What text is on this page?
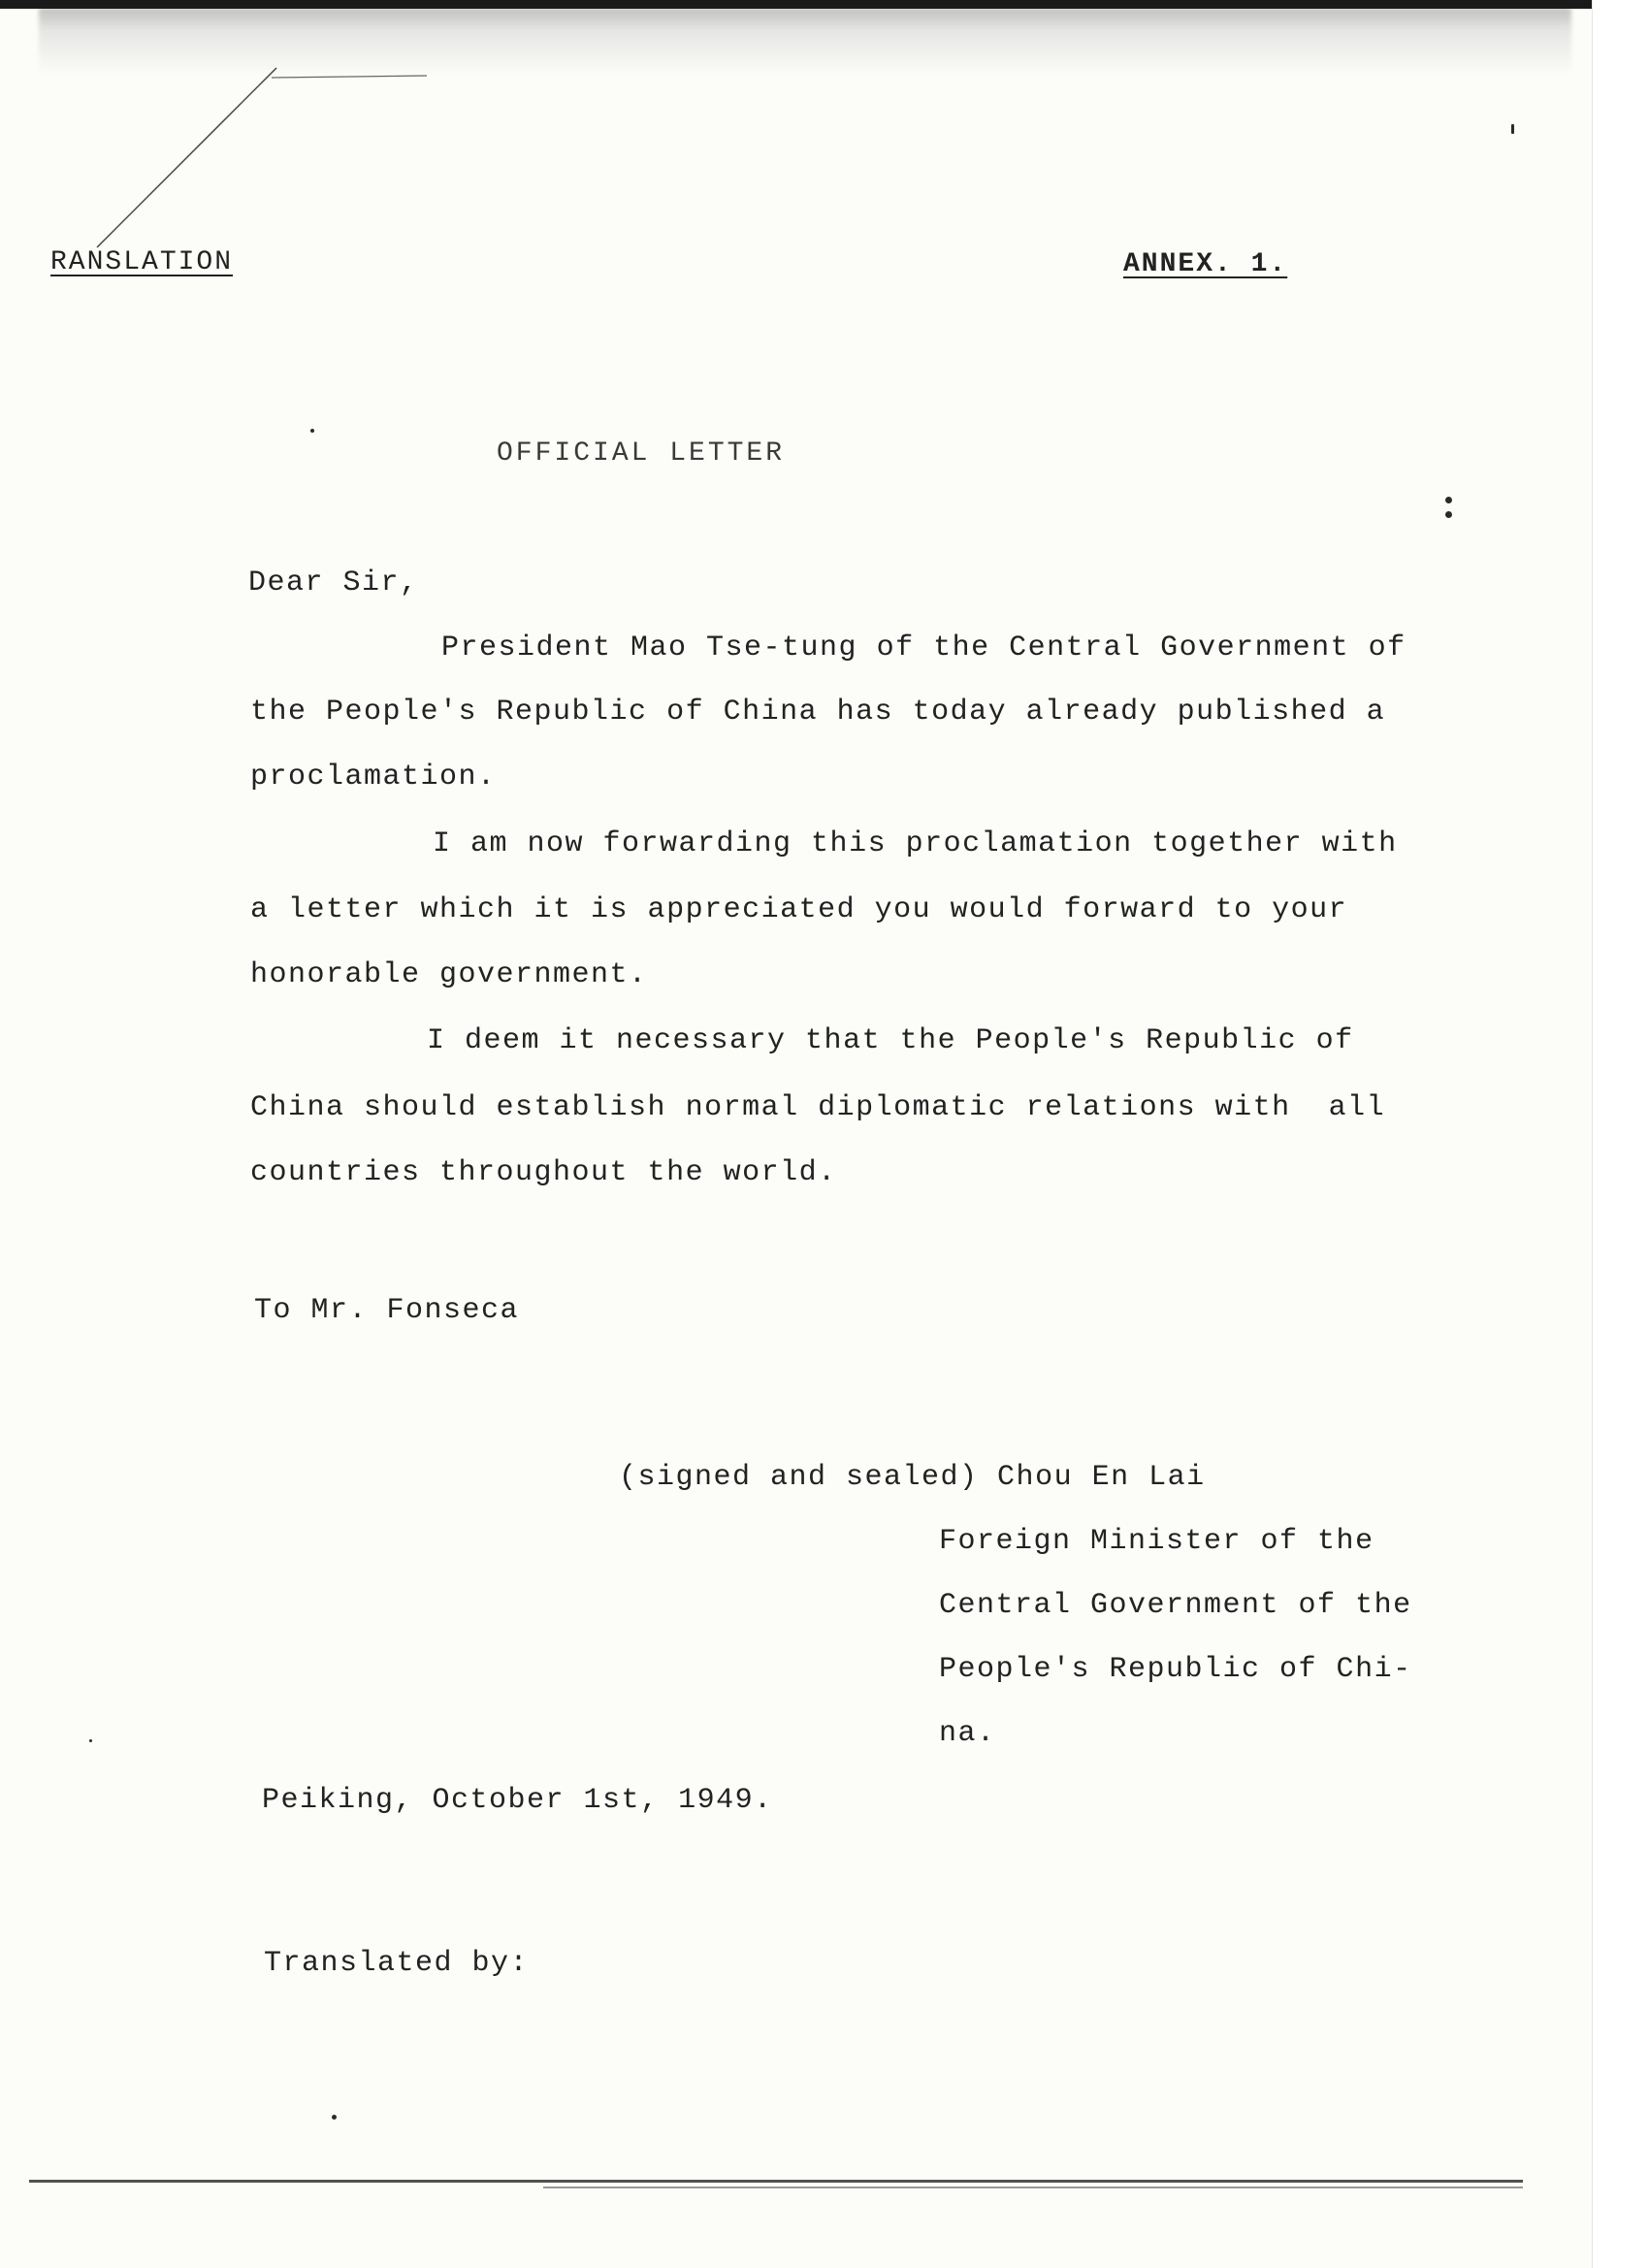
RANSLATION	ANNEX. 1.
OFFICIAL LETTER
Dear Sir,
President Mao Tse-tung of the Central Government of
the People's Republic of China has today already published a
proclamation.
I am now forwarding this proclamation together with
a letter which it is appreciated you would forward to your
honorable government.
I deem it necessary that the People's Republic of
China should establish normal diplomatic relations with  all
countries throughout the world.
To Mr. Fonseca
(signed and sealed) Chou En Lai
Foreign Minister of the
Central Government of the
People's Republic of Chi-
na.
Peiking, October 1st, 1949.
Translated by:
